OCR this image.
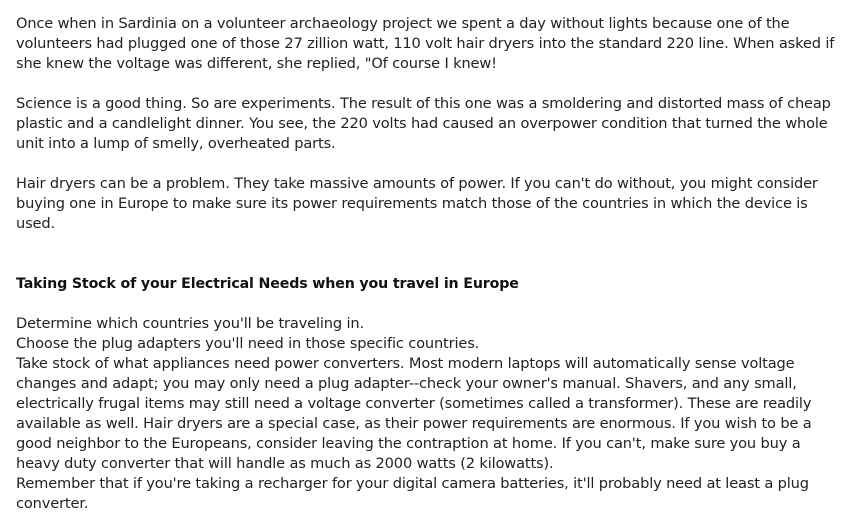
Once when in Sardinia on a volunteer archaeology project we spent a day without lights because one of the volunteers had plugged one of those 27 zillion watt, 110 volt hair dryers into the standard 220 line. When asked if she knew the voltage was different, she replied, "Of course I knew!

Science is a good thing. So are experiments. The result of this one was a smoldering and distorted mass of cheap plastic and a candlelight dinner. You see, the 220 volts had caused an overpower condition that turned the whole unit into a lump of smelly, overheated parts.

Hair dryers can be a problem. They take massive amounts of power. If you can't do without, you might consider buying one in Europe to make sure its power requirements match those of the countries in which the device is used.

Taking Stock of your Electrical Needs when you travel in Europe

Determine which countries you'll be traveling in.

Choose the plug adapters you'll need in those specific countries.

Take stock of what appliances need power converters. Most modern laptops will automatically sense voltage changes and adapt; you may only need a plug adapter--check your owner's manual. Shavers, and any small, electrically frugal items may still need a voltage converter (sometimes called a transformer). These are readily available as well. Hair dryers are a special case, as their power requirements are enormous. If you wish to be a good neighbor to the Europeans, consider leaving the contraption at home. If you can't, make sure you buy a heavy duty converter that will handle as much as 2000 watts (2 kilowatts).

Remember that if you're taking a recharger for your digital camera batteries, it'll probably need at least a plug converter.
